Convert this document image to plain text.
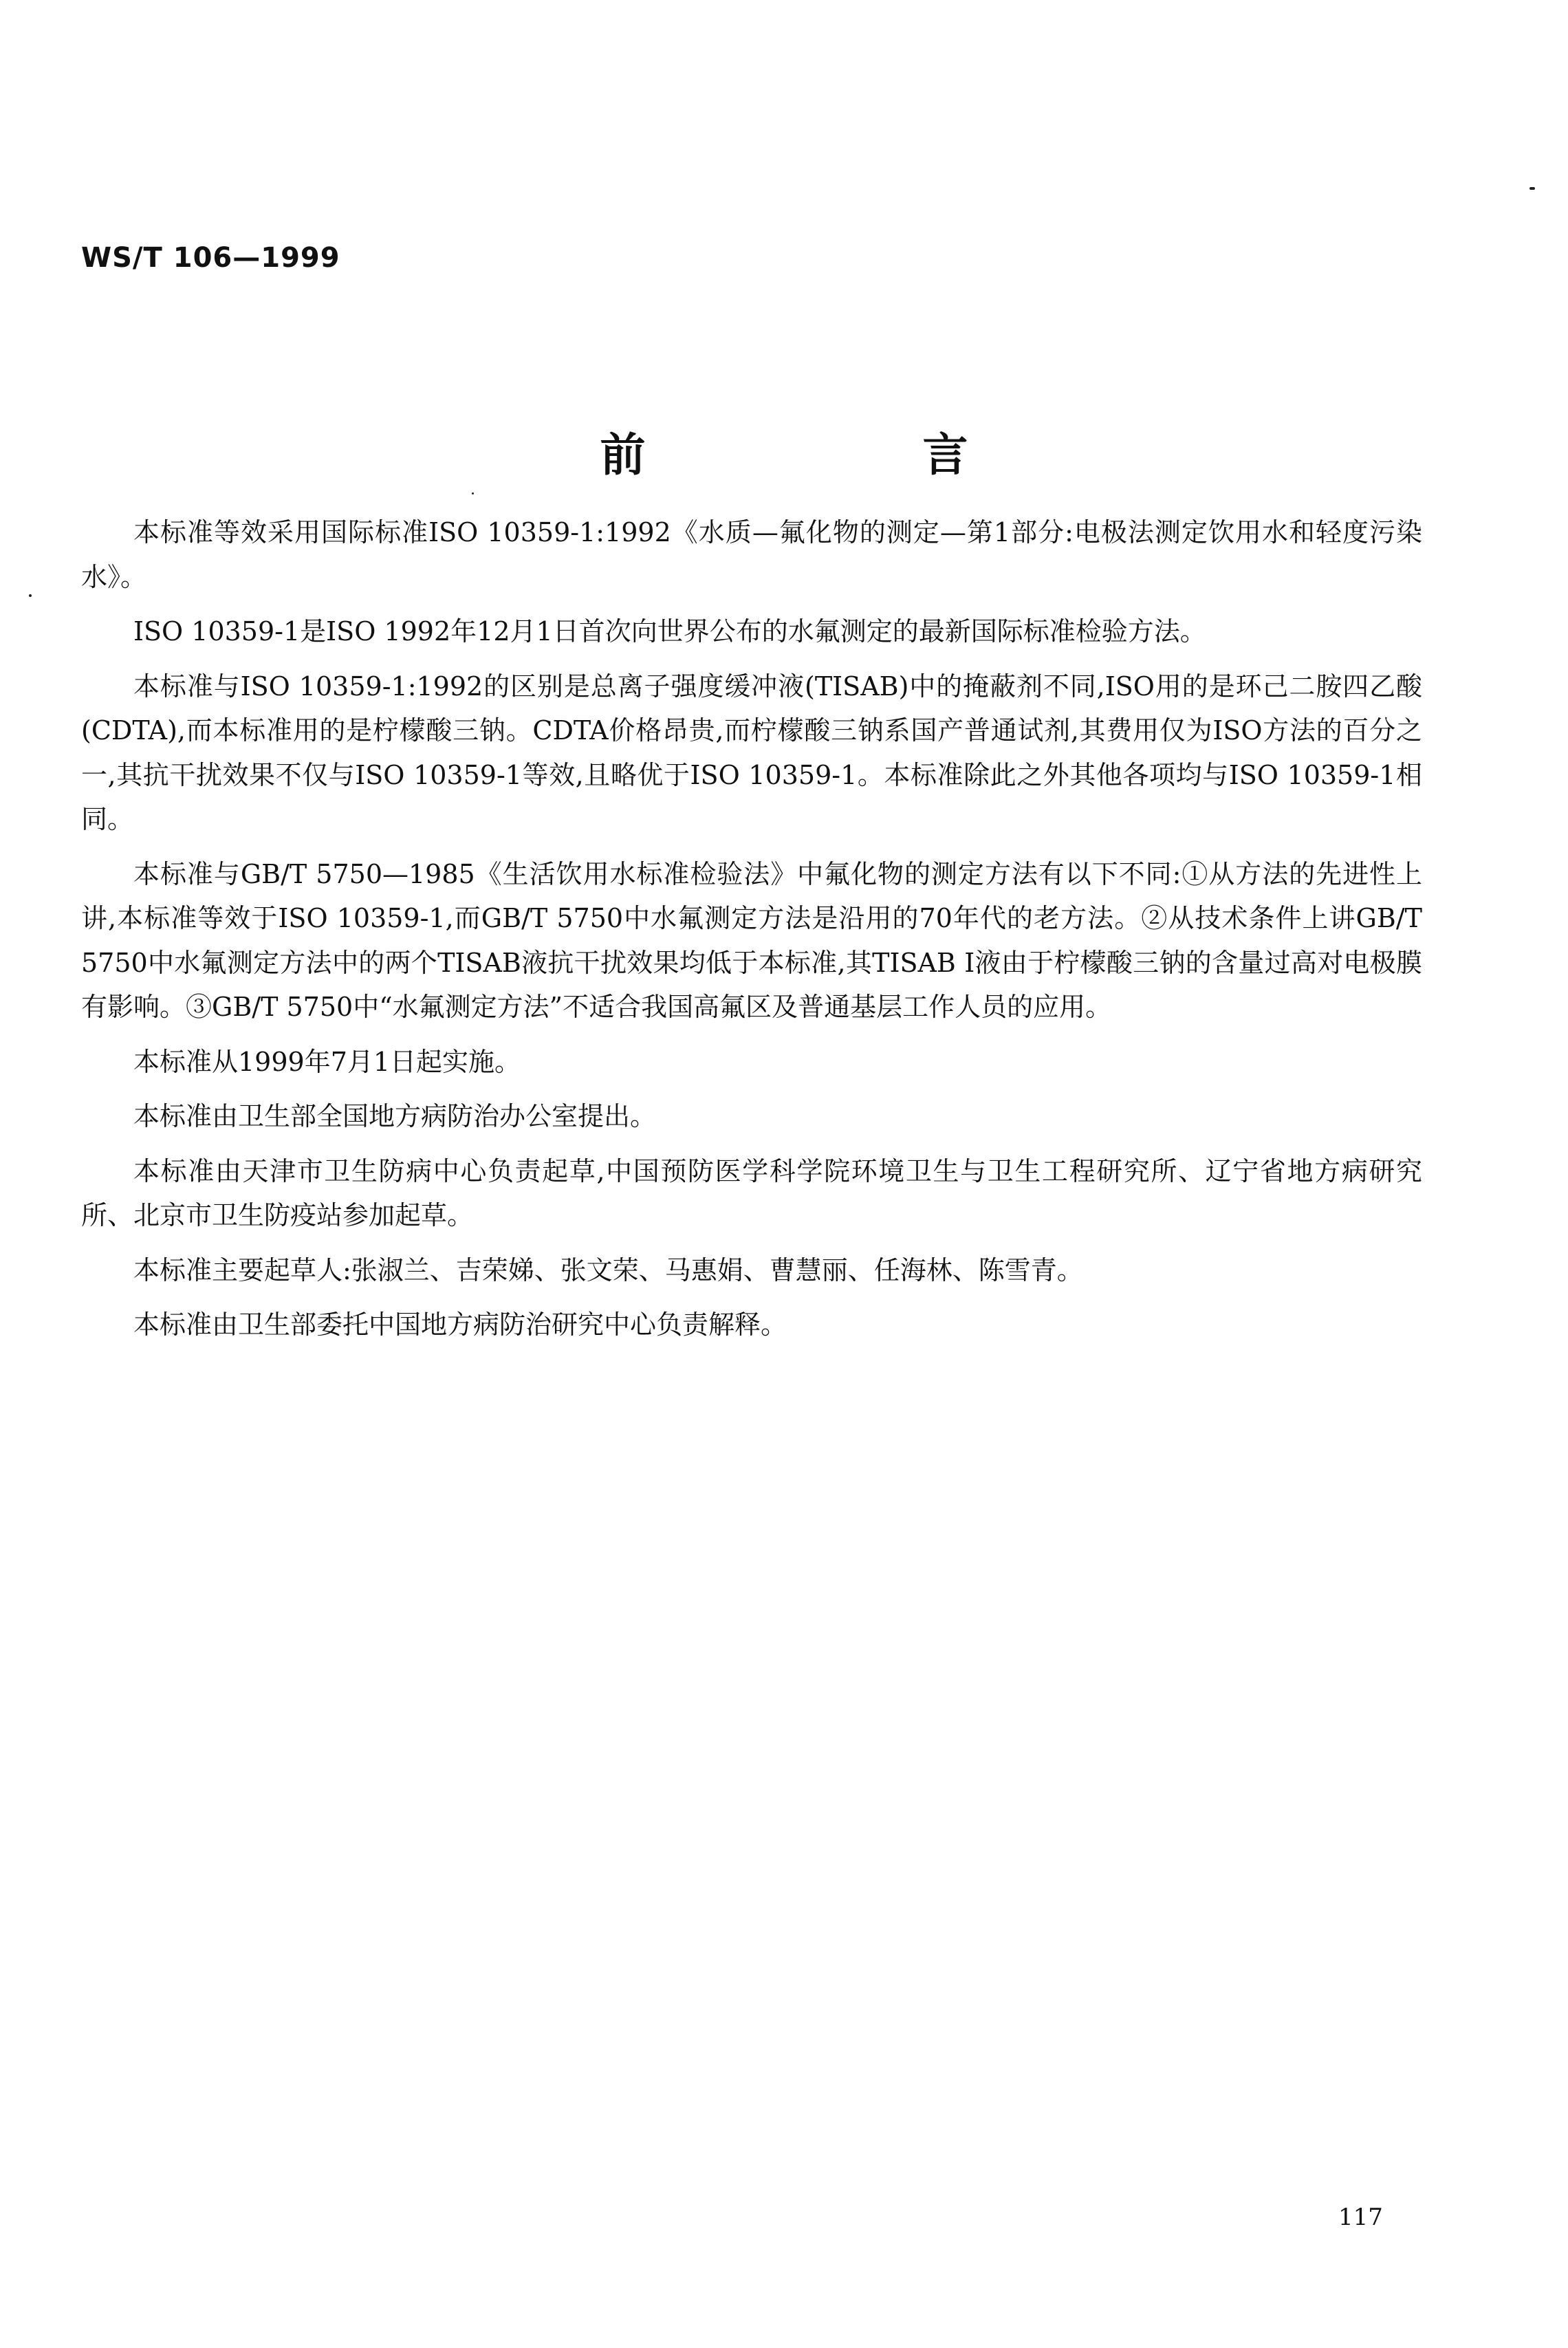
WS/T 106—1999
前 言

本标准等效采用国际标准ISO 10359-1:1992《水质—氟化物的测定—第1部分:电极法测定饮用水和轻度污染水》。

ISO 10359-1是ISO 1992年12月1日首次向世界公布的水氟测定的最新国际标准检验方法。

本标准与ISO 10359-1:1992的区别是总离子强度缓冲液(TISAB)中的掩蔽剂不同,ISO用的是环己二胺四乙酸(CDTA),而本标准用的是柠檬酸三钠。CDTA价格昂贵,而柠檬酸三钠系国产普通试剂,其费用仅为ISO方法的百分之一,其抗干扰效果不仅与ISO 10359-1等效,且略优于ISO 10359-1。本标准除此之外其他各项均与ISO 10359-1相同。

本标准与GB/T 5750—1985《生活饮用水标准检验法》中氟化物的测定方法有以下不同:①从方法的先进性上讲,本标准等效于ISO 10359-1,而GB/T 5750中水氟测定方法是沿用的70年代的老方法。②从技术条件上讲GB/T 5750中水氟测定方法中的两个TISAB液抗干扰效果均低于本标准,其TISAB Ⅰ液由于柠檬酸三钠的含量过高对电极膜有影响。③GB/T 5750中“水氟测定方法”不适合我国高氟区及普通基层工作人员的应用。

本标准从1999年7月1日起实施。

本标准由卫生部全国地方病防治办公室提出。

本标准由天津市卫生防病中心负责起草,中国预防医学科学院环境卫生与卫生工程研究所、辽宁省地方病研究所、北京市卫生防疫站参加起草。

本标准主要起草人:张淑兰、吉荣娣、张文荣、马惠娟、曹慧丽、任海林、陈雪青。

本标准由卫生部委托中国地方病防治研究中心负责解释。

117
